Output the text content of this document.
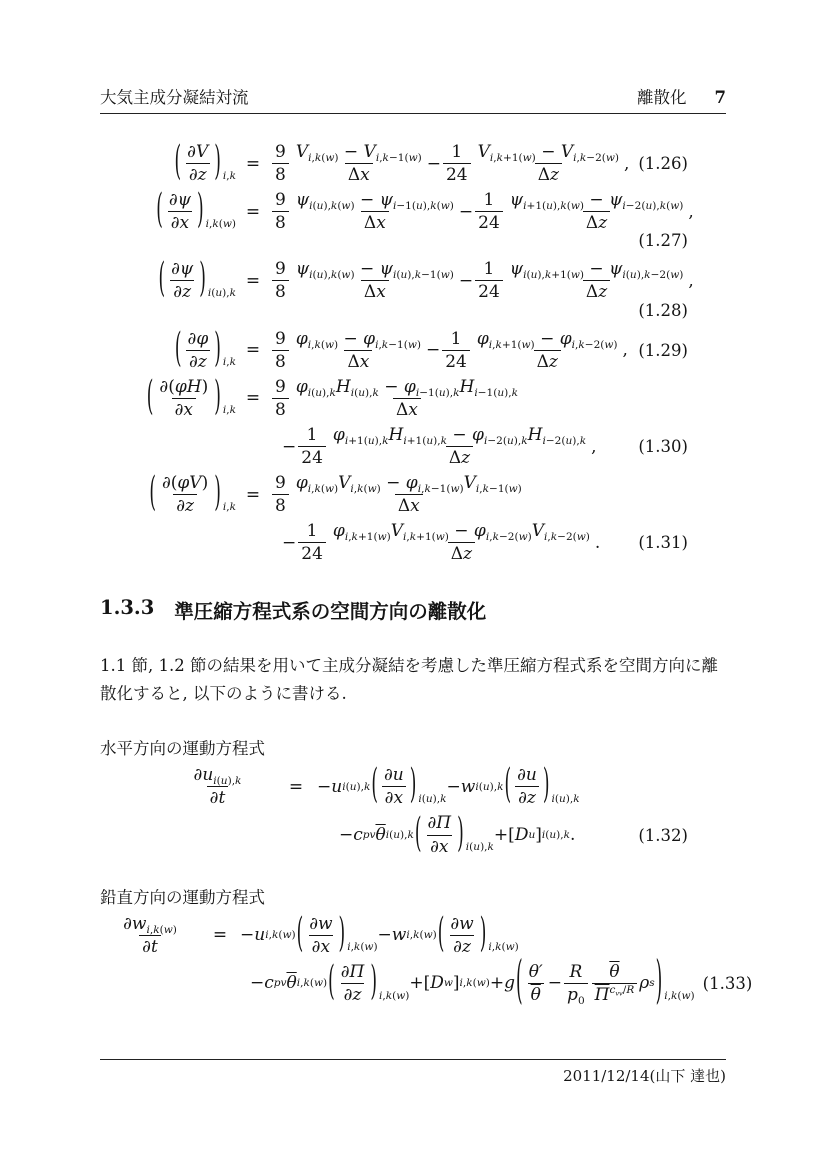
大気主成分凝結対流	離散化 7
( $\frac{\partial V}{\partial z} )_{i,k}$
= $\frac{9}{8} \frac{V_{i,k(w)} - V_{i,k-1(w)}}{\Delta x} - \frac{1}{24} \frac{V_{i,k+1(w)} - V_{i,k-2(w)}}{\Delta z}$ , (1.26)
( $\frac{\partial\psi}{\partial x} )_{i,k(w)}$
= $\frac{9}{8} \frac{\psi_{i(u),k(w)} - \psi_{i-1(u),k(w)}}{\Delta x} - \frac{1}{24} \frac{\psi_{i+1(u),k(w)} - \psi_{i-2(u),k(w)}}{\Delta z}$ ,
(1.27)
( $\frac{\partial\psi}{\partial z} )_{i(u),k}$
= $\frac{9}{8} \frac{\psi_{i(u),k(w)} - \psi_{i(u),k-1(w)}}{\Delta x} - \frac{1}{24} \frac{\psi_{i(u),k+1(w)} - \psi_{i(u),k-2(w)}}{\Delta z}$ ,
(1.28)
( $\frac{\partial\varphi}{\partial z} )_{i,k}$
= $\frac{9}{8} \frac{\varphi_{i,k(w)} - \varphi_{i,k-1(w)}}{\Delta x} - \frac{1}{24} \frac{\varphi_{i,k+1(w)} - \varphi_{i,k-2(w)}}{\Delta z}$ , (1.29)
( $\frac{\partial(\varphi H)}{\partial x} )_{i,k}$
= $\frac{9}{8} \frac{\varphi_{i(u),k}H_{i(u),k} - \varphi_{i-1(u),k}H_{i-1(u),k}}{\Delta x}$
− $\frac{1}{24} \frac{\varphi_{i+1(u),k}H_{i+1(u),k} - \varphi_{i-2(u),k}H_{i-2(u),k}}{\Delta z}$ ,	(1.30)
( $\frac{\partial(\varphi V)}{\partial z} )_{i,k}$
= $\frac{9}{8} \frac{\varphi_{i,k(w)}V_{i,k(w)} - \varphi_{i,k-1(w)}V_{i,k-1(w)}}{\Delta x}$
− $\frac{1}{24} \frac{\varphi_{i,k+1(w)}V_{i,k+1(w)} - \varphi_{i,k-2(w)}V_{i,k-2(w)}}{\Delta z}$ .	(1.31)
1.3.3 準圧縮方程式系の空間方向の離散化
1.1 節, 1.2 節の結果を用いて主成分凝結を考慮した準圧縮方程式系を空間方向に離散化すると, 以下のように書ける.
水平方向の運動方程式
$\frac{\partial u_{i(u),k}}{\partial t}$	= − u i(u),k ( $\frac{\partial u}{\partial x} )_{i(u),k}$
− w i(u),k ( $\frac{\partial u}{\partial z} )_{i(u),k}$
− c pv $\overline{\theta}$ i(u),k ( $\frac{\partial\Pi}{\partial x} )_{i(u),k}$
+ [ D u ] i(u),k .	(1.32)
鉛直方向の運動方程式
$\frac{\partial w_{i,k(w)}}{\partial t}$	= − u i,k(w) ( $\frac{\partial w}{\partial x} )_{i,k(w)}$
− w i,k(w) ( $\frac{\partial w}{\partial z} )_{i,k(w)}$
− c pv $\overline{\theta}$ i,k(w) ( $\frac{\partial\Pi}{\partial z} )_{i,k(w)}$
+ [ D w ] i,k(w) + g ( $\frac{\theta'}{\theta} - \frac{R}{p_0} \frac{\overline{\theta}}{\overline{\Pi}^{c_{vv}/R}}$ ρ s )$_{i,k(w)}$
(1.33)
2011/12/14(山下 達也)
